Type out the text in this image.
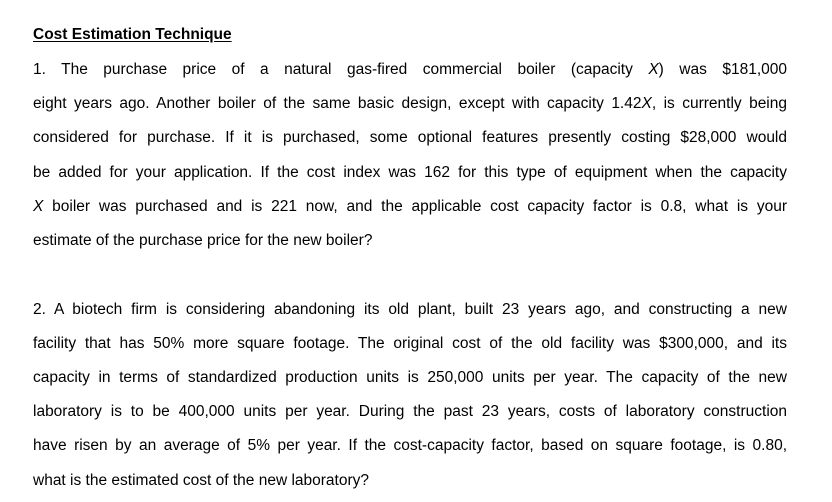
Cost Estimation Technique
1. The purchase price of a natural gas-fired commercial boiler (capacity X) was $181,000
eight years ago. Another boiler of the same basic design, except with capacity 1.42X, is currently being
considered for purchase. If it is purchased, some optional features presently costing $28,000 would
be added for your application. If the cost index was 162 for this type of equipment when the capacity
X boiler was purchased and is 221 now, and the applicable cost capacity factor is 0.8, what is your
estimate of the purchase price for the new boiler?
2. A biotech firm is considering abandoning its old plant, built 23 years ago, and constructing a new
facility that has 50% more square footage. The original cost of the old facility was $300,000, and its
capacity in terms of standardized production units is 250,000 units per year. The capacity of the new
laboratory is to be 400,000 units per year. During the past 23 years, costs of laboratory construction
have risen by an average of 5% per year. If the cost-capacity factor, based on square footage, is 0.80,
what is the estimated cost of the new laboratory?
